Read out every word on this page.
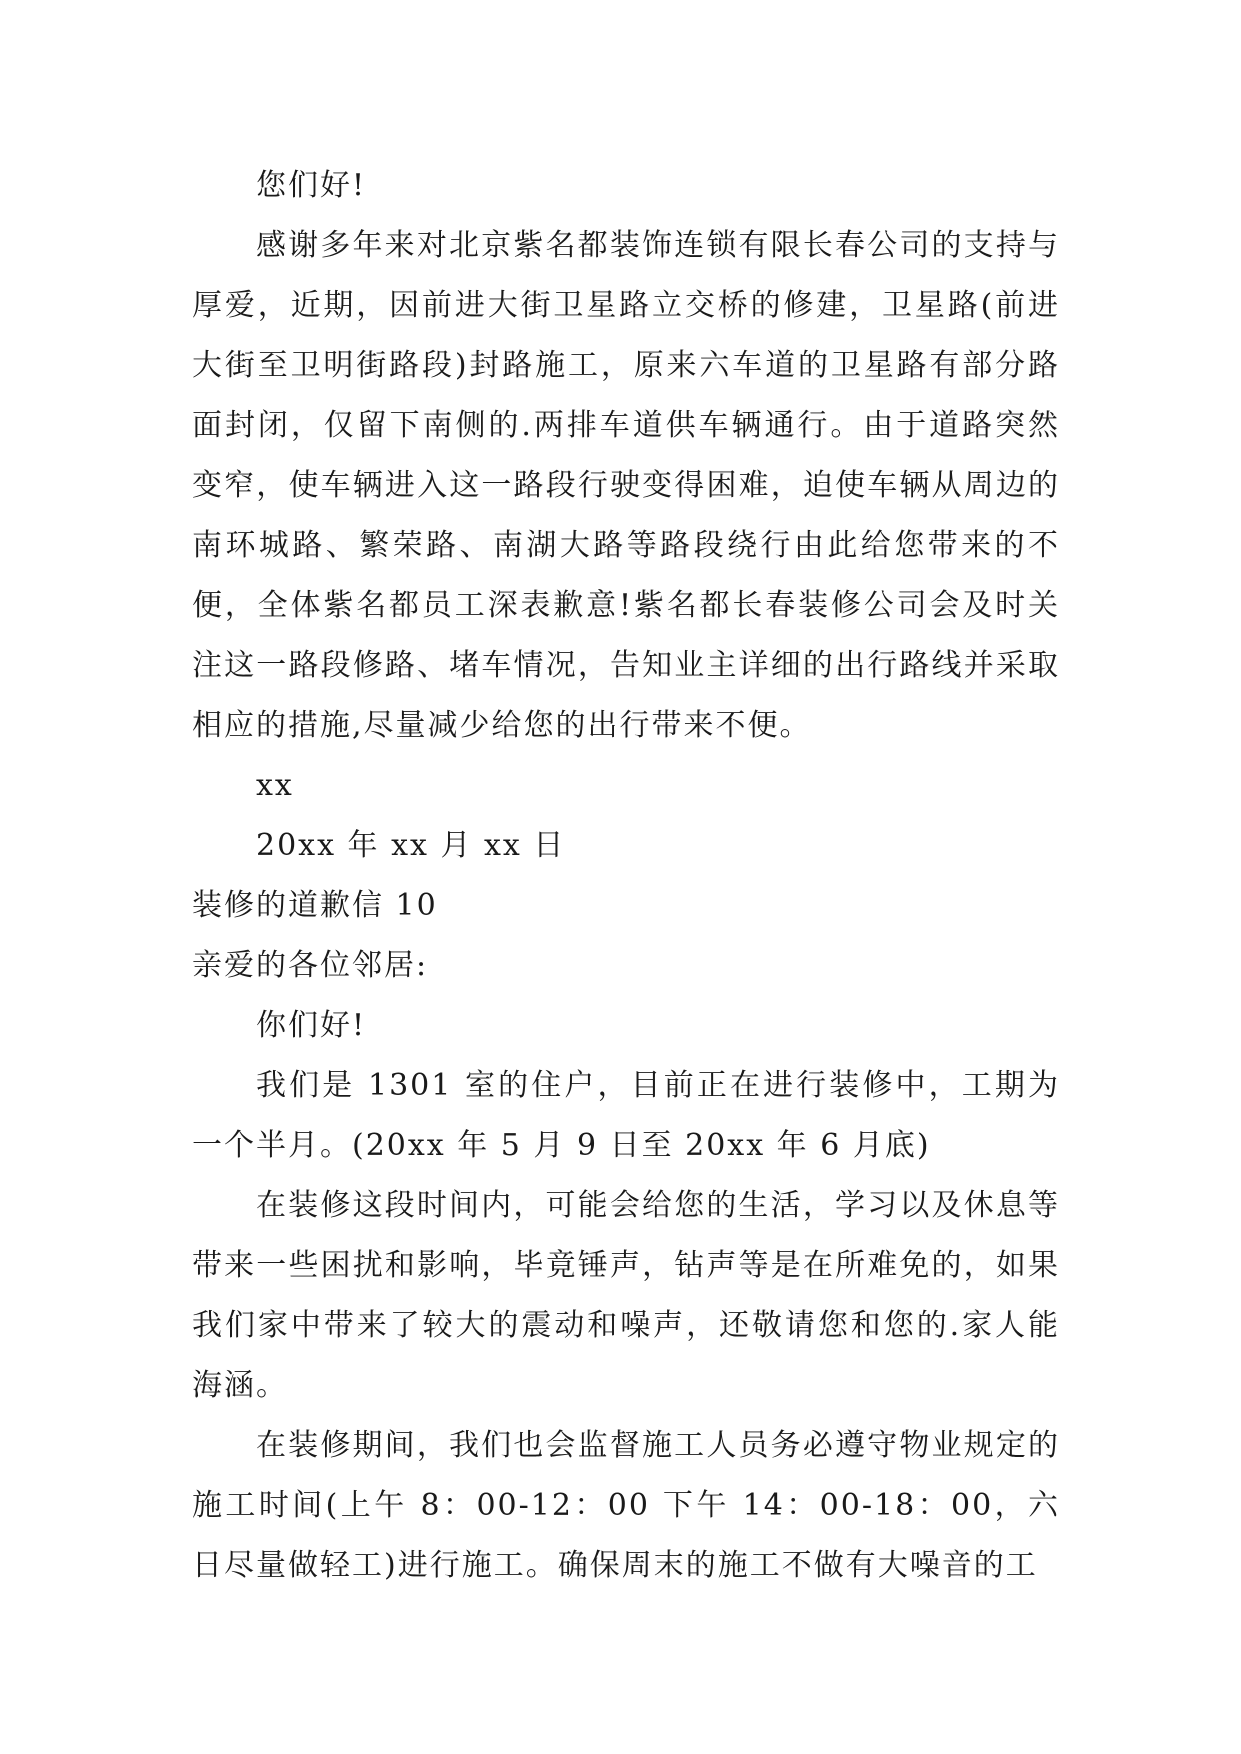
您们好!

感谢多年来对北京紫名都装饰连锁有限长春公司的支持与厚爱，近期，因前进大街卫星路立交桥的修建，卫星路(前进大街至卫明街路段)封路施工，原来六车道的卫星路有部分路面封闭，仅留下南侧的.两排车道供车辆通行。由于道路突然变窄，使车辆进入这一路段行驶变得困难，迫使车辆从周边的南环城路、繁荣路、南湖大路等路段绕行由此给您带来的不便，全体紫名都员工深表歉意!紫名都长春装修公司会及时关注这一路段修路、堵车情况，告知业主详细的出行路线并采取相应的措施,尽量减少给您的出行带来不便。

xx

20xx 年 xx 月 xx 日

装修的道歉信 10

亲爱的各位邻居:

你们好!

我们是 1301 室的住户，目前正在进行装修中，工期为一个半月。(20xx 年 5 月 9 日至 20xx 年 6 月底)

在装修这段时间内，可能会给您的生活，学习以及休息等带来一些困扰和影响，毕竟锤声，钻声等是在所难免的，如果我们家中带来了较大的震动和噪声，还敬请您和您的.家人能海涵。

在装修期间，我们也会监督施工人员务必遵守物业规定的施工时间(上午 8：00-12：00 下午 14：00-18：00，六日尽量做轻工)进行施工。确保周末的施工不做有大噪音的工
